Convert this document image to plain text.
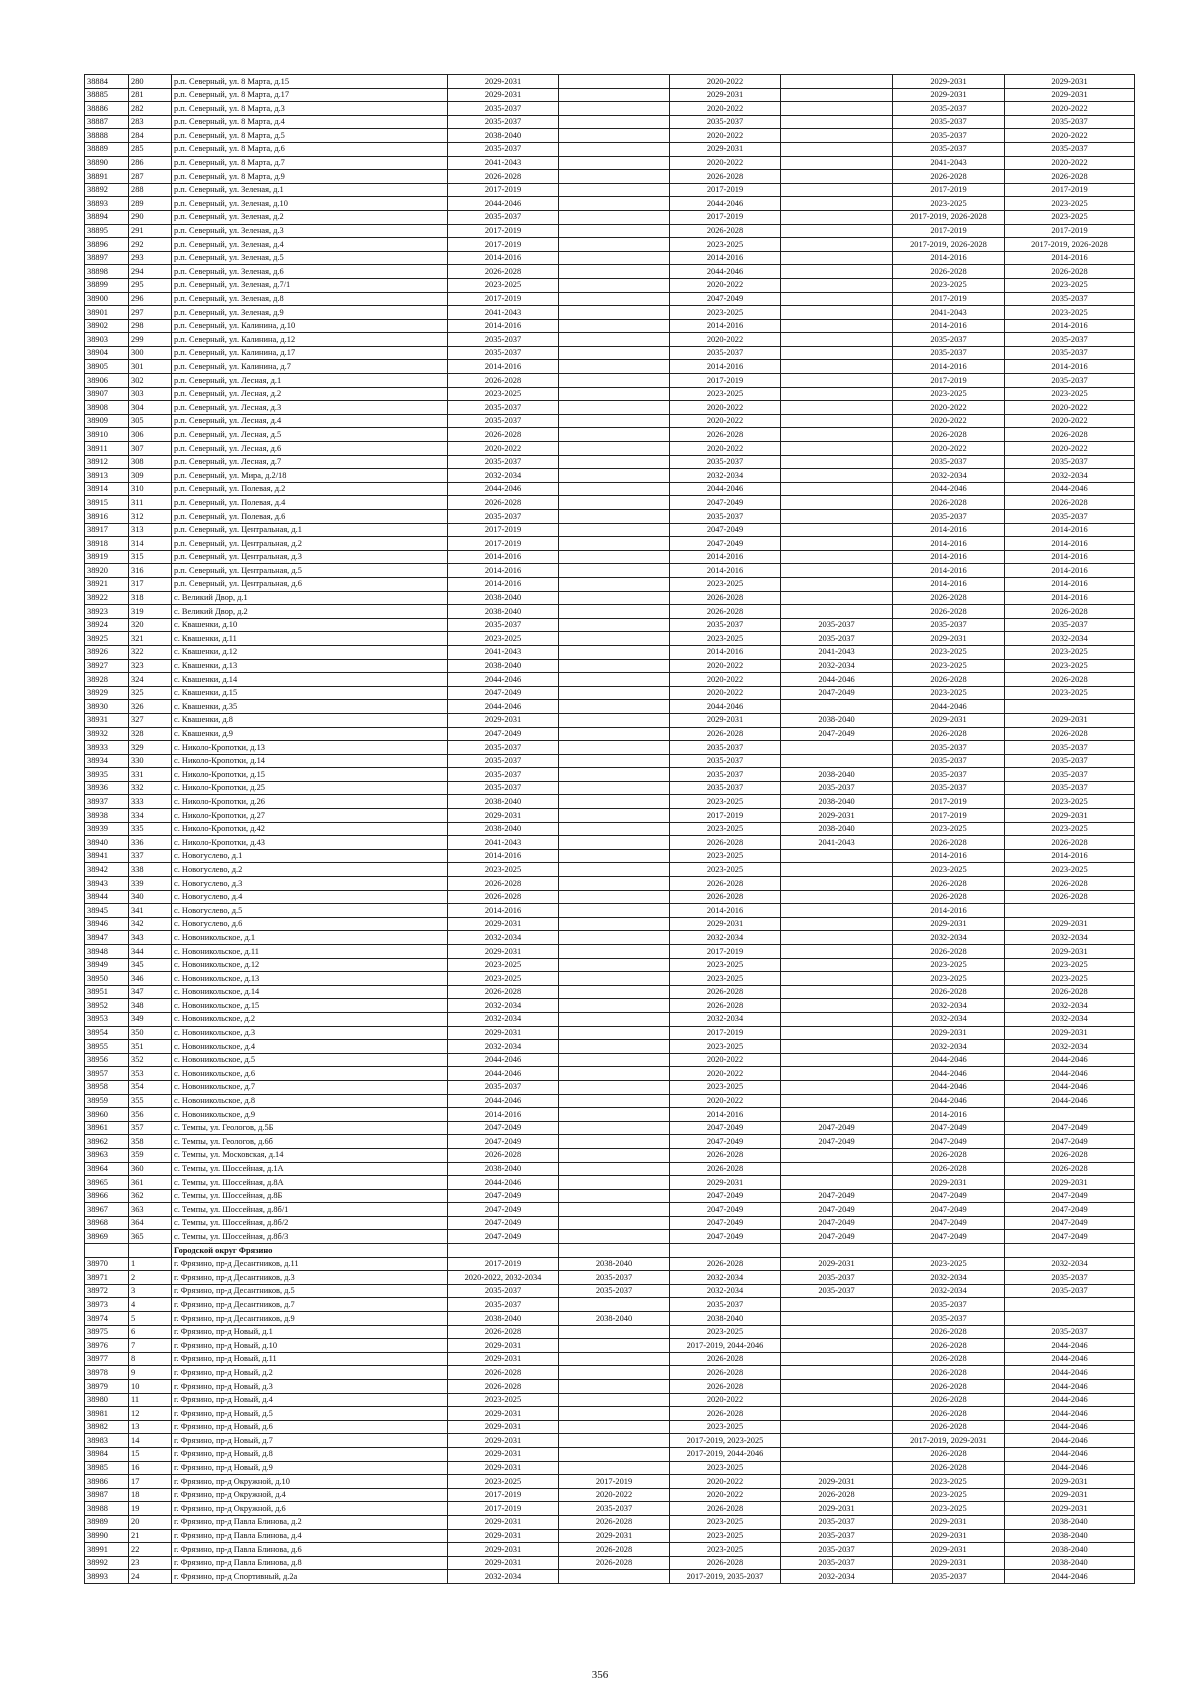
38884	280	р.п. Северный, ул. 8 Марта, д.15	2029-2031		2020-2022		2029-2031	2029-2031
38885	281	р.п. Северный, ул. 8 Марта, д.17	2029-2031		2029-2031		2029-2031	2029-2031
38886	282	р.п. Северный, ул. 8 Марта, д.3	2035-2037		2020-2022		2035-2037	2020-2022
38887	283	р.п. Северный, ул. 8 Марта, д.4	2035-2037		2035-2037		2035-2037	2035-2037
38888	284	р.п. Северный, ул. 8 Марта, д.5	2038-2040		2020-2022		2035-2037	2020-2022
38889	285	р.п. Северный, ул. 8 Марта, д.6	2035-2037		2029-2031		2035-2037	2035-2037
38890	286	р.п. Северный, ул. 8 Марта, д.7	2041-2043		2020-2022		2041-2043	2020-2022
38891	287	р.п. Северный, ул. 8 Марта, д.9	2026-2028		2026-2028		2026-2028	2026-2028
38892	288	р.п. Северный, ул. Зеленая, д.1	2017-2019		2017-2019		2017-2019	2017-2019
38893	289	р.п. Северный, ул. Зеленая, д.10	2044-2046		2044-2046		2023-2025	2023-2025
38894	290	р.п. Северный, ул. Зеленая, д.2	2035-2037		2017-2019		2017-2019, 2026-2028	2023-2025
38895	291	р.п. Северный, ул. Зеленая, д.3	2017-2019		2026-2028		2017-2019	2017-2019
38896	292	р.п. Северный, ул. Зеленая, д.4	2017-2019		2023-2025		2017-2019, 2026-2028	2017-2019, 2026-2028
38897	293	р.п. Северный, ул. Зеленая, д.5	2014-2016		2014-2016		2014-2016	2014-2016
38898	294	р.п. Северный, ул. Зеленая, д.6	2026-2028		2044-2046		2026-2028	2026-2028
38899	295	р.п. Северный, ул. Зеленая, д.7/1	2023-2025		2020-2022		2023-2025	2023-2025
38900	296	р.п. Северный, ул. Зеленая, д.8	2017-2019		2047-2049		2017-2019	2035-2037
38901	297	р.п. Северный, ул. Зеленая, д.9	2041-2043		2023-2025		2041-2043	2023-2025
38902	298	р.п. Северный, ул. Калинина, д.10	2014-2016		2014-2016		2014-2016	2014-2016
38903	299	р.п. Северный, ул. Калинина, д.12	2035-2037		2020-2022		2035-2037	2035-2037
38904	300	р.п. Северный, ул. Калинина, д.17	2035-2037		2035-2037		2035-2037	2035-2037
38905	301	р.п. Северный, ул. Калинина, д.7	2014-2016		2014-2016		2014-2016	2014-2016
38906	302	р.п. Северный, ул. Лесная, д.1	2026-2028		2017-2019		2017-2019	2035-2037
38907	303	р.п. Северный, ул. Лесная, д.2	2023-2025		2023-2025		2023-2025	2023-2025
38908	304	р.п. Северный, ул. Лесная, д.3	2035-2037		2020-2022		2020-2022	2020-2022
38909	305	р.п. Северный, ул. Лесная, д.4	2035-2037		2020-2022		2020-2022	2020-2022
38910	306	р.п. Северный, ул. Лесная, д.5	2026-2028		2026-2028		2026-2028	2026-2028
38911	307	р.п. Северный, ул. Лесная, д.6	2020-2022		2020-2022		2020-2022	2020-2022
38912	308	р.п. Северный, ул. Лесная, д.7	2035-2037		2035-2037		2035-2037	2035-2037
38913	309	р.п. Северный, ул. Мира, д.2/18	2032-2034		2032-2034		2032-2034	2032-2034
38914	310	р.п. Северный, ул. Полевая, д.2	2044-2046		2044-2046		2044-2046	2044-2046
38915	311	р.п. Северный, ул. Полевая, д.4	2026-2028		2047-2049		2026-2028	2026-2028
38916	312	р.п. Северный, ул. Полевая, д.6	2035-2037		2035-2037		2035-2037	2035-2037
38917	313	р.п. Северный, ул. Центральная, д.1	2017-2019		2047-2049		2014-2016	2014-2016
38918	314	р.п. Северный, ул. Центральная, д.2	2017-2019		2047-2049		2014-2016	2014-2016
38919	315	р.п. Северный, ул. Центральная, д.3	2014-2016		2014-2016		2014-2016	2014-2016
38920	316	р.п. Северный, ул. Центральная, д.5	2014-2016		2014-2016		2014-2016	2014-2016
38921	317	р.п. Северный, ул. Центральная, д.6	2014-2016		2023-2025		2014-2016	2014-2016
38922	318	с. Великий Двор, д.1	2038-2040		2026-2028		2026-2028	2014-2016
38923	319	с. Великий Двор, д.2	2038-2040		2026-2028		2026-2028	2026-2028
38924	320	с. Квашенки, д.10	2035-2037		2035-2037	2035-2037	2035-2037	2035-2037
38925	321	с. Квашенки, д.11	2023-2025		2023-2025	2035-2037	2029-2031	2032-2034
38926	322	с. Квашенки, д.12	2041-2043		2014-2016	2041-2043	2023-2025	2023-2025
38927	323	с. Квашенки, д.13	2038-2040		2020-2022	2032-2034	2023-2025	2023-2025
38928	324	с. Квашенки, д.14	2044-2046		2020-2022	2044-2046	2026-2028	2026-2028
38929	325	с. Квашенки, д.15	2047-2049		2020-2022	2047-2049	2023-2025	2023-2025
38930	326	с. Квашенки, д.35	2044-2046		2044-2046		2044-2046	
38931	327	с. Квашенки, д.8	2029-2031		2029-2031	2038-2040	2029-2031	2029-2031
38932	328	с. Квашенки, д.9	2047-2049		2026-2028	2047-2049	2026-2028	2026-2028
38933	329	с. Николо-Кропотки, д.13	2035-2037		2035-2037		2035-2037	2035-2037
38934	330	с. Николо-Кропотки, д.14	2035-2037		2035-2037		2035-2037	2035-2037
38935	331	с. Николо-Кропотки, д.15	2035-2037		2035-2037	2038-2040	2035-2037	2035-2037
38936	332	с. Николо-Кропотки, д.25	2035-2037		2035-2037	2035-2037	2035-2037	2035-2037
38937	333	с. Николо-Кропотки, д.26	2038-2040		2023-2025	2038-2040	2017-2019	2023-2025
38938	334	с. Николо-Кропотки, д.27	2029-2031		2017-2019	2029-2031	2017-2019	2029-2031
38939	335	с. Николо-Кропотки, д.42	2038-2040		2023-2025	2038-2040	2023-2025	2023-2025
38940	336	с. Николо-Кропотки, д.43	2041-2043		2026-2028	2041-2043	2026-2028	2026-2028
38941	337	с. Новогуслево, д.1	2014-2016		2023-2025		2014-2016	2014-2016
38942	338	с. Новогуслево, д.2	2023-2025		2023-2025		2023-2025	2023-2025
38943	339	с. Новогуслево, д.3	2026-2028		2026-2028		2026-2028	2026-2028
38944	340	с. Новогуслево, д.4	2026-2028		2026-2028		2026-2028	2026-2028
38945	341	с. Новогуслево, д.5	2014-2016		2014-2016		2014-2016	
38946	342	с. Новогуслево, д.6	2029-2031		2029-2031		2029-2031	2029-2031
38947	343	с. Новоникольское, д.1	2032-2034		2032-2034		2032-2034	2032-2034
38948	344	с. Новоникольское, д.11	2029-2031		2017-2019		2026-2028	2029-2031
38949	345	с. Новоникольское, д.12	2023-2025		2023-2025		2023-2025	2023-2025
38950	346	с. Новоникольское, д.13	2023-2025		2023-2025		2023-2025	2023-2025
38951	347	с. Новоникольское, д.14	2026-2028		2026-2028		2026-2028	2026-2028
38952	348	с. Новоникольское, д.15	2032-2034		2026-2028		2032-2034	2032-2034
38953	349	с. Новоникольское, д.2	2032-2034		2032-2034		2032-2034	2032-2034
38954	350	с. Новоникольское, д.3	2029-2031		2017-2019		2029-2031	2029-2031
38955	351	с. Новоникольское, д.4	2032-2034		2023-2025		2032-2034	2032-2034
38956	352	с. Новоникольское, д.5	2044-2046		2020-2022		2044-2046	2044-2046
38957	353	с. Новоникольское, д.6	2044-2046		2020-2022		2044-2046	2044-2046
38958	354	с. Новоникольское, д.7	2035-2037		2023-2025		2044-2046	2044-2046
38959	355	с. Новоникольское, д.8	2044-2046		2020-2022		2044-2046	2044-2046
38960	356	с. Новоникольское, д.9	2014-2016		2014-2016		2014-2016	
38961	357	с. Темпы, ул. Геологов, д.5Б	2047-2049		2047-2049	2047-2049	2047-2049	2047-2049
38962	358	с. Темпы, ул. Геологов, д.6б	2047-2049		2047-2049	2047-2049	2047-2049	2047-2049
38963	359	с. Темпы, ул. Московская, д.14	2026-2028		2026-2028		2026-2028	2026-2028
38964	360	с. Темпы, ул. Шоссейная, д.1А	2038-2040		2026-2028		2026-2028	2026-2028
38965	361	с. Темпы, ул. Шоссейная, д.8А	2044-2046		2029-2031		2029-2031	2029-2031
38966	362	с. Темпы, ул. Шоссейная, д.8Б	2047-2049		2047-2049	2047-2049	2047-2049	2047-2049
38967	363	с. Темпы, ул. Шоссейная, д.8б/1	2047-2049		2047-2049	2047-2049	2047-2049	2047-2049
38968	364	с. Темпы, ул. Шоссейная, д.8б/2	2047-2049		2047-2049	2047-2049	2047-2049	2047-2049
38969	365	с. Темпы, ул. Шоссейная, д.8б/3	2047-2049		2047-2049	2047-2049	2047-2049	2047-2049
		Городской округ Фрязино						
38970	1	г. Фрязино, пр-д Десантников, д.11	2017-2019	2038-2040	2026-2028	2029-2031	2023-2025	2032-2034
38971	2	г. Фрязино, пр-д Десантников, д.3	2020-2022, 2032-2034	2035-2037	2032-2034	2035-2037	2032-2034	2035-2037
38972	3	г. Фрязино, пр-д Десантников, д.5	2035-2037	2035-2037	2032-2034	2035-2037	2032-2034	2035-2037
38973	4	г. Фрязино, пр-д Десантников, д.7	2035-2037		2035-2037		2035-2037	
38974	5	г. Фрязино, пр-д Десантников, д.9	2038-2040	2038-2040	2038-2040		2035-2037	
38975	6	г. Фрязино, пр-д Новый, д.1	2026-2028		2023-2025		2026-2028	2035-2037
38976	7	г. Фрязино, пр-д Новый, д.10	2029-2031		2017-2019, 2044-2046		2026-2028	2044-2046
38977	8	г. Фрязино, пр-д Новый, д.11	2029-2031		2026-2028		2026-2028	2044-2046
38978	9	г. Фрязино, пр-д Новый, д.2	2026-2028		2026-2028		2026-2028	2044-2046
38979	10	г. Фрязино, пр-д Новый, д.3	2026-2028		2026-2028		2026-2028	2044-2046
38980	11	г. Фрязино, пр-д Новый, д.4	2023-2025		2020-2022		2026-2028	2044-2046
38981	12	г. Фрязино, пр-д Новый, д.5	2029-2031		2026-2028		2026-2028	2044-2046
38982	13	г. Фрязино, пр-д Новый, д.6	2029-2031		2023-2025		2026-2028	2044-2046
38983	14	г. Фрязино, пр-д Новый, д.7	2029-2031		2017-2019, 2023-2025		2017-2019, 2029-2031	2044-2046
38984	15	г. Фрязино, пр-д Новый, д.8	2029-2031		2017-2019, 2044-2046		2026-2028	2044-2046
38985	16	г. Фрязино, пр-д Новый, д.9	2029-2031		2023-2025		2026-2028	2044-2046
38986	17	г. Фрязино, пр-д Окружной, д.10	2023-2025	2017-2019	2020-2022	2029-2031	2023-2025	2029-2031
38987	18	г. Фрязино, пр-д Окружной, д.4	2017-2019	2020-2022	2020-2022	2026-2028	2023-2025	2029-2031
38988	19	г. Фрязино, пр-д Окружной, д.6	2017-2019	2035-2037	2026-2028	2029-2031	2023-2025	2029-2031
38989	20	г. Фрязино, пр-д Павла Блинова, д.2	2029-2031	2026-2028	2023-2025	2035-2037	2029-2031	2038-2040
38990	21	г. Фрязино, пр-д Павла Блинова, д.4	2029-2031	2029-2031	2023-2025	2035-2037	2029-2031	2038-2040
38991	22	г. Фрязино, пр-д Павла Блинова, д.6	2029-2031	2026-2028	2023-2025	2035-2037	2029-2031	2038-2040
38992	23	г. Фрязино, пр-д Павла Блинова, д.8	2029-2031	2026-2028	2026-2028	2035-2037	2029-2031	2038-2040
38993	24	г. Фрязино, пр-д Спортивный, д.2а	2032-2034		2017-2019, 2035-2037	2032-2034	2035-2037	2044-2046
356
